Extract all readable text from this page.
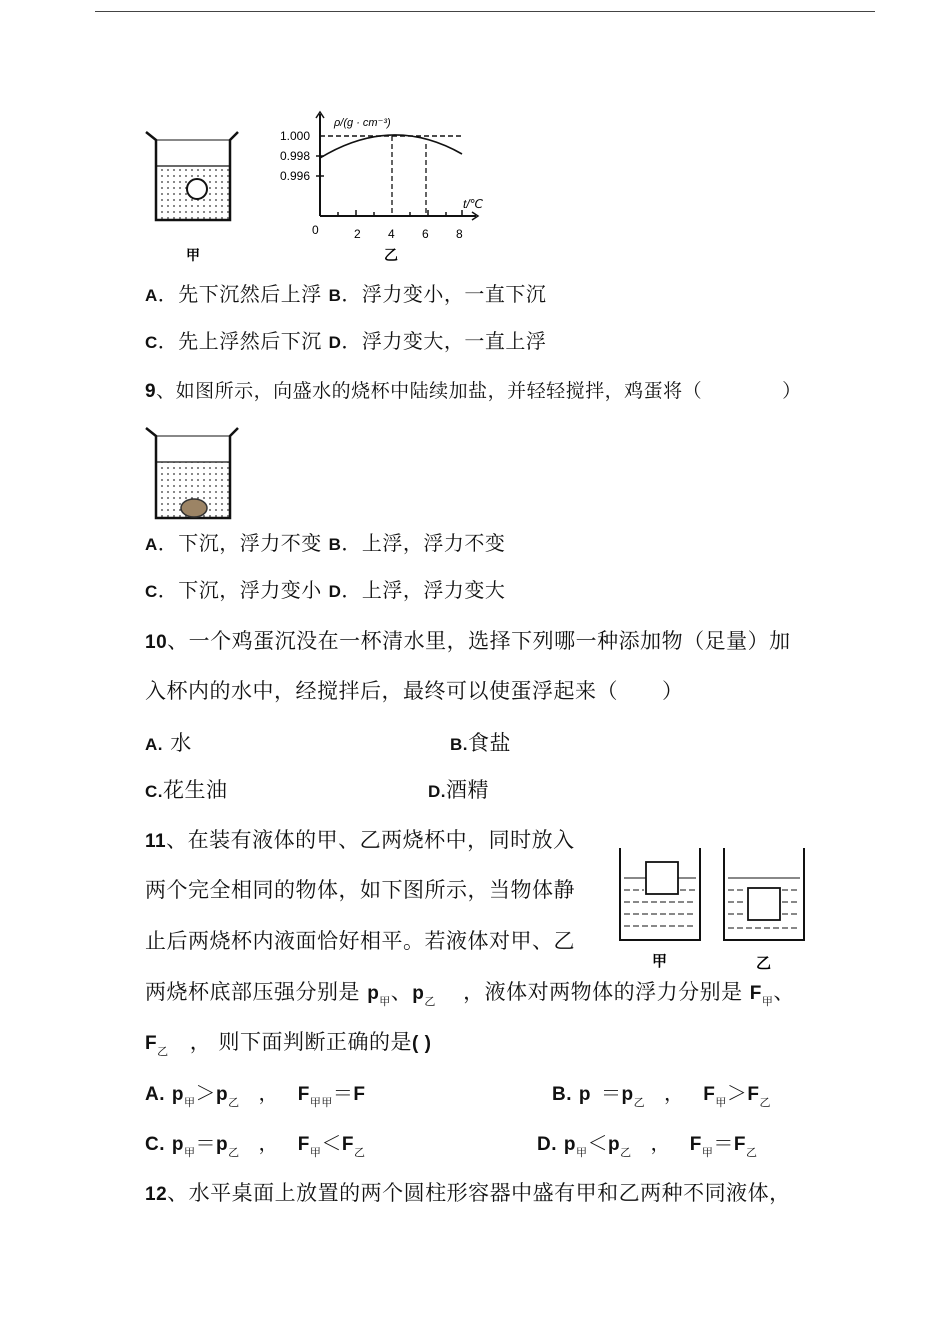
甲
ρ/(g · cm⁻³)
t/℃
1.000
0.998
0.996
0	2 4 6 8
乙
A．先下沉然后上浮 B．浮力变小，一直下沉
C．先上浮然后下沉 D．浮力变大，一直上浮
9、如图所示，向盛水的烧杯中陆续加盐，并轻轻搅拌，鸡蛋将（	）
A．下沉，浮力不变 B．上浮，浮力不变
C．下沉，浮力变小 D．上浮，浮力变大
10、一个鸡蛋沉没在一杯清水里，选择下列哪一种添加物（足量）加
入杯内的水中，经搅拌后，最终可以使蛋浮起来（ ）
A. 水	B.食盐
C.花生油	D.酒精
11、在装有液体的甲、乙两烧杯中，同时放入
两个完全相同的物体，如下图所示，当物体静
止后两烧杯内液面恰好相平。若液体对甲、乙
甲	乙
两烧杯底部压强分别是 $p_甲$、$p_乙$ ，液体对两物体的浮力分别是 $F_甲$、
$F_乙$ ， 则下面判断正确的是( )
A. $p_甲>p_乙$ ， $F_{甲甲}=F$	B. $p =p_乙$ ， $F_甲>F_乙$
C. $p_甲=p_乙$ ， $F_甲<F_乙$	D. $p_甲<p_乙$ ， $F_甲=F_乙$
12、水平桌面上放置的两个圆柱形容器中盛有甲和乙两种不同液体，
